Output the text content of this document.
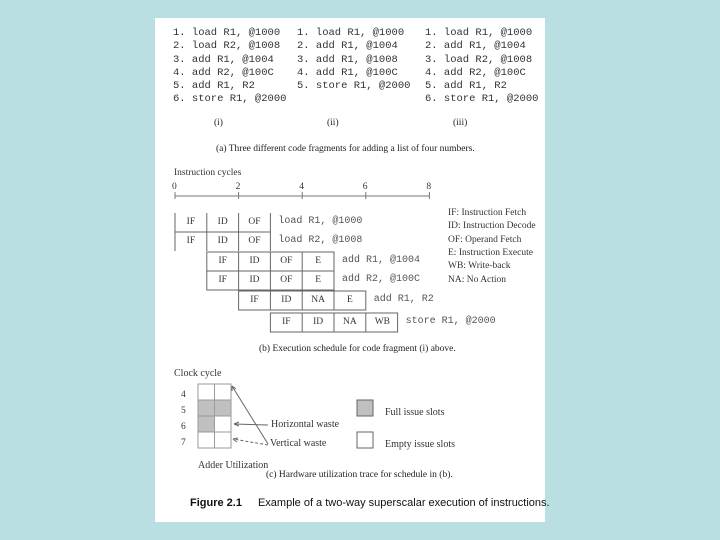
1. load R1, @1000
2. load R2, @1008
3. add R1, @1004
4. add R2, @100C
5. add R1, R2
6. store R1, @2000
1. load R1, @1000
2. add R1, @1004
3. add R1, @1008
4. add R1, @100C
5. store R1, @2000
1. load R1, @1000
2. add R1, @1004
3. load R2, @1008
4. add R2, @100C
5. add R1, R2
6. store R1, @2000
(i)	(ii)	(iii)
(a) Three different code fragments for adding a list of four numbers.
Instruction cycles
(b) Execution schedule for code fragment (i) above.
Clock cycle
Adder Utilization
Horizontal waste
Vertical waste
Full issue slots
Empty issue slots
(c) Hardware utilization trace for schedule in (b).
Figure 2.1 Example of a two-way superscalar execution of instructions.
0	2	4	6	8
IF ID OF load R1, @1000
IF ID OF load R2, @1008
IF ID OF	E	add R1, @1004
IF ID OF	E	add R2, @100C
IF ID NA	E	add R1, R2
IF ID NA WB store R1, @2000
IF: Instruction Fetch
ID: Instruction Decode
OF: Operand Fetch
E: Instruction Execute
WB: Write-back
NA: No Action
4
5
6
7
